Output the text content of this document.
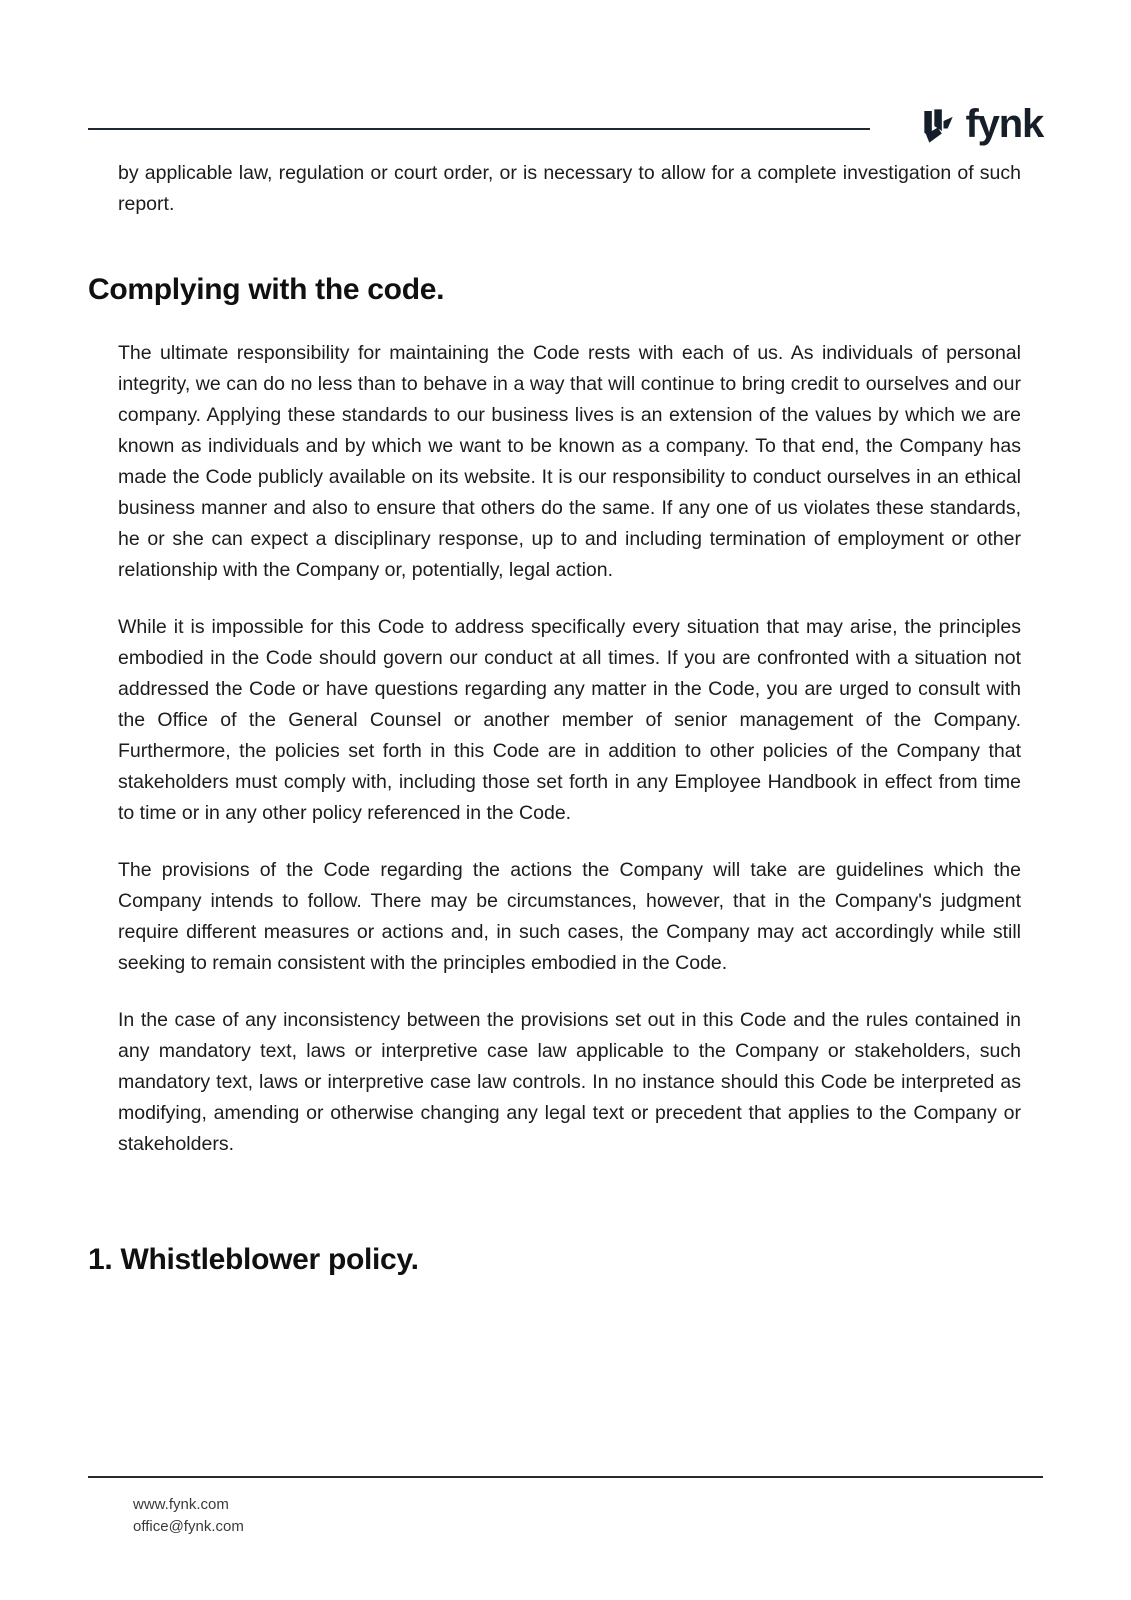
fynk

by applicable law, regulation or court order, or is necessary to allow for a complete investigation of such report.

Complying with the code.

The ultimate responsibility for maintaining the Code rests with each of us. As individuals of personal integrity, we can do no less than to behave in a way that will continue to bring credit to ourselves and our company. Applying these standards to our business lives is an extension of the values by which we are known as individuals and by which we want to be known as a company. To that end, the Company has made the Code publicly available on its website. It is our responsibility to conduct ourselves in an ethical business manner and also to ensure that others do the same. If any one of us violates these standards, he or she can expect a disciplinary response, up to and including termination of employment or other relationship with the Company or, potentially, legal action.

While it is impossible for this Code to address specifically every situation that may arise, the principles embodied in the Code should govern our conduct at all times. If you are confronted with a situation not addressed the Code or have questions regarding any matter in the Code, you are urged to consult with the Office of the General Counsel or another member of senior management of the Company. Furthermore, the policies set forth in this Code are in addition to other policies of the Company that stakeholders must comply with, including those set forth in any Employee Handbook in effect from time to time or in any other policy referenced in the Code.

The provisions of the Code regarding the actions the Company will take are guidelines which the Company intends to follow. There may be circumstances, however, that in the Company's judgment require different measures or actions and, in such cases, the Company may act accordingly while still seeking to remain consistent with the principles embodied in the Code.

In the case of any inconsistency between the provisions set out in this Code and the rules contained in any mandatory text, laws or interpretive case law applicable to the Company or stakeholders, such mandatory text, laws or interpretive case law controls. In no instance should this Code be interpreted as modifying, amending or otherwise changing any legal text or precedent that applies to the Company or stakeholders.

1. Whistleblower policy.
www.fynk.com
office@fynk.com
